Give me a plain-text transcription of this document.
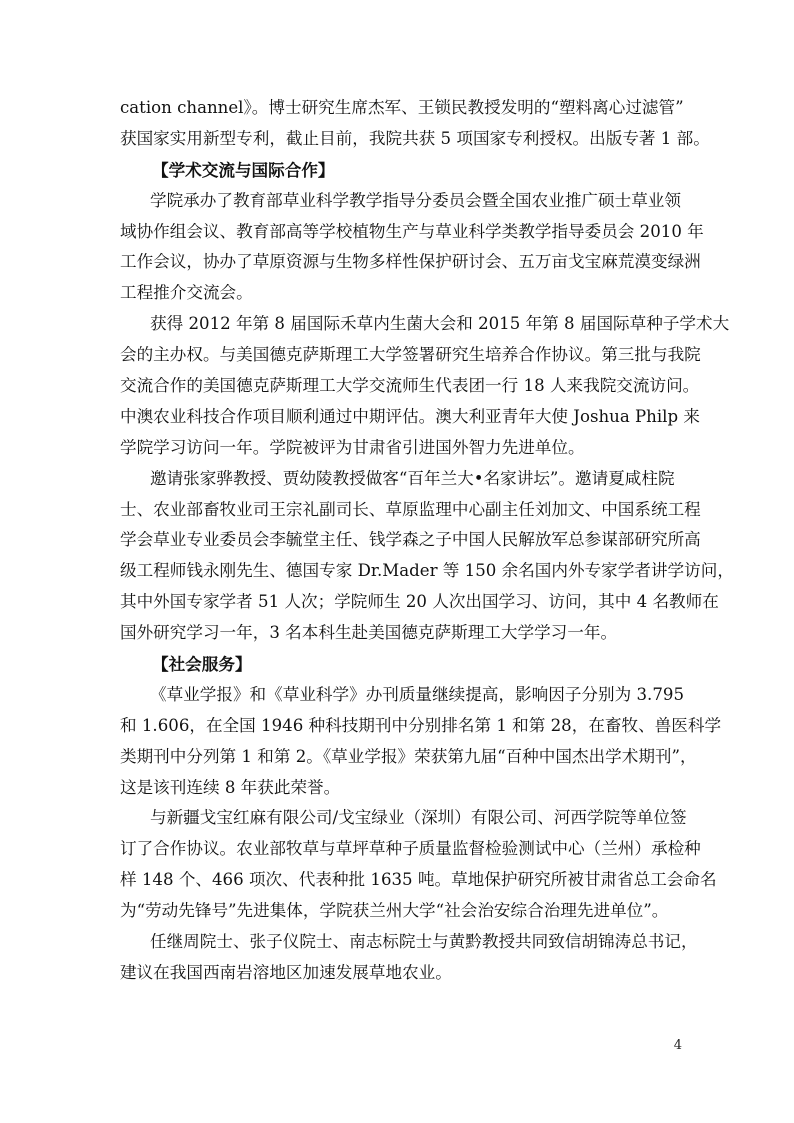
cation channel》。博士研究生席杰军、王锁民教授发明的“塑料离心过滤管”

获国家实用新型专利，截止目前，我院共获 5 项国家专利授权。出版专著 1 部。

【学术交流与国际合作】

学院承办了教育部草业科学教学指导分委员会暨全国农业推广硕士草业领

域协作组会议、教育部高等学校植物生产与草业科学类教学指导委员会 2010 年

工作会议，协办了草原资源与生物多样性保护研讨会、五万亩戈宝麻荒漠变绿洲

工程推介交流会。

获得 2012 年第 8 届国际禾草内生菌大会和 2015 年第 8 届国际草种子学术大

会的主办权。与美国德克萨斯理工大学签署研究生培养合作协议。第三批与我院

交流合作的美国德克萨斯理工大学交流师生代表团一行 18 人来我院交流访问。

中澳农业科技合作项目顺利通过中期评估。澳大利亚青年大使 Joshua Philp 来

学院学习访问一年。学院被评为甘肃省引进国外智力先进单位。

邀请张家骅教授、贾幼陵教授做客“百年兰大•名家讲坛”。邀请夏咸柱院

士、农业部畜牧业司王宗礼副司长、草原监理中心副主任刘加文、中国系统工程

学会草业专业委员会李毓堂主任、钱学森之子中国人民解放军总参谋部研究所高

级工程师钱永刚先生、德国专家 Dr.Mader 等 150 余名国内外专家学者讲学访问，

其中外国专家学者 51 人次；学院师生 20 人次出国学习、访问，其中 4 名教师在

国外研究学习一年，3 名本科生赴美国德克萨斯理工大学学习一年。

【社会服务】

《草业学报》和《草业科学》办刊质量继续提高，影响因子分别为 3.795

和 1.606，在全国 1946 种科技期刊中分别排名第 1 和第 28，在畜牧、兽医科学

类期刊中分列第 1 和第 2。《草业学报》荣获第九届“百种中国杰出学术期刊”，

这是该刊连续 8 年获此荣誉。

与新疆戈宝红麻有限公司/戈宝绿业（深圳）有限公司、河西学院等单位签

订了合作协议。农业部牧草与草坪草种子质量监督检验测试中心（兰州）承检种

样 148 个、466 项次、代表种批 1635 吨。草地保护研究所被甘肃省总工会命名

为“劳动先锋号”先进集体，学院获兰州大学“社会治安综合治理先进单位”。

任继周院士、张子仪院士、南志标院士与黄黔教授共同致信胡锦涛总书记，

建议在我国西南岩溶地区加速发展草地农业。

4
